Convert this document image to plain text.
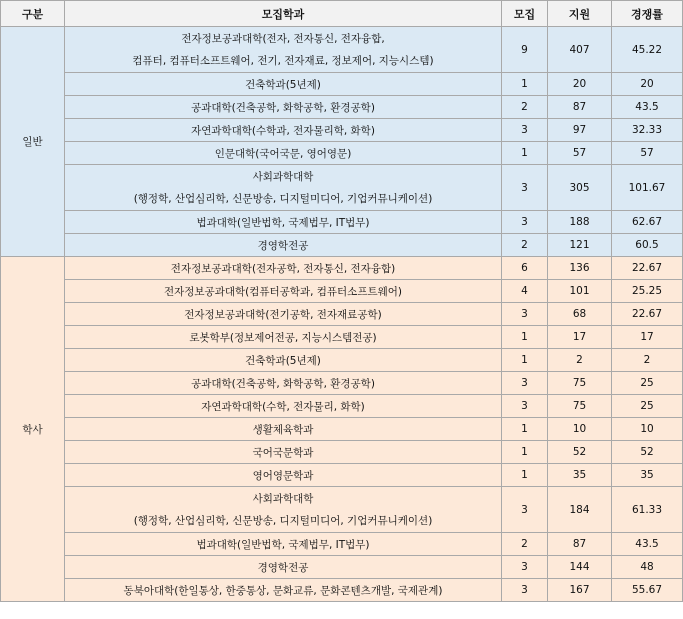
구분	모집학과	모집	지원	경쟁률
일반	전자정보공과대학(전자, 전자통신, 전자융합,
컴퓨터, 컴퓨터소프트웨어, 전기, 전자재료, 정보제어, 지능시스템)	9	407	45.22
	건축학과(5년제)	1	20	20
	공과대학(건축공학, 화학공학, 환경공학)	2	87	43.5
	자연과학대학(수학과, 전자물리학, 화학)	3	97	32.33
	인문대학(국어국문, 영어영문)	1	57	57

	사회과학대학
(행정학, 산업심리학, 신문방송, 디지털미디어, 기업커뮤니케이션)	3	305	101.67
	법과대학(일반법학, 국제법무, IT법무)	3	188	62.67
	경영학전공	2	121	60.5
학사	전자정보공과대학(전자공학, 전자통신, 전자융합)	6	136	22.67
	전자정보공과대학(컴퓨터공학과, 컴퓨터소프트웨어)	4	101	25.25
	전자정보공과대학(전기공학, 전자재료공학)	3	68	22.67
	로봇학부(정보제어전공, 지능시스템전공)	1	17	17
	건축학과(5년제)	1	2	2
	공과대학(건축공학, 화학공학, 환경공학)	3	75	25
	자연과학대학(수학, 전자물리, 화학)	3	75	25
	생활체육학과	1	10	10
	국어국문학과	1	52	52
	영어영문학과	1	35	35

	사회과학대학
(행정학, 산업심리학, 신문방송, 디지털미디어, 기업커뮤니케이션)	3	184	61.33
	법과대학(일반법학, 국제법무, IT법무)	2	87	43.5
	경영학전공	3	144	48
	동북아대학(한일통상, 한중통상, 문화교류, 문화콘텐츠개발, 국제관계)	3	167	55.67
